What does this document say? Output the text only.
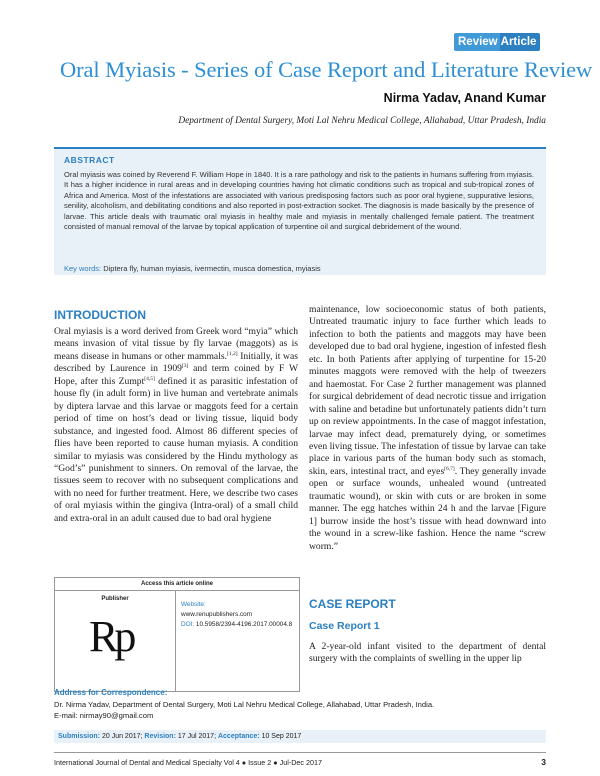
Review Article
Oral Myiasis - Series of Case Report and Literature Review
Nirma Yadav, Anand Kumar
Department of Dental Surgery, Moti Lal Nehru Medical College, Allahabad, Uttar Pradesh, India
ABSTRACT
Oral myiasis was coined by Reverend F. William Hope in 1840. It is a rare pathology and risk to the patients in humans suffering from myiasis. It has a higher incidence in rural areas and in developing countries having hot climatic conditions such as tropical and sub-tropical zones of Africa and America. Most of the infestations are associated with various predisposing factors such as poor oral hygiene, suppurative lesions, senility, alcoholism, and debilitating conditions and also reported in post-extraction socket. The diagnosis is made basically by the presence of larvae. This article deals with traumatic oral myiasis in healthy male and myiasis in mentally challenged female patient. The treatment consisted of manual removal of the larvae by topical application of turpentine oil and surgical debridement of the wound.
Key words: Diptera fly, human myiasis, ivermectin, musca domestica, myiasis
INTRODUCTION
Oral myiasis is a word derived from Greek word “myia” which means invasion of vital tissue by fly larvae (maggots) as is means disease in humans or other mammals.[1,2] Initially, it was described by Laurence in 1909[3] and term coined by F W Hope, after this Zumpt[4,5] defined it as parasitic infestation of house fly (in adult form) in live human and vertebrate animals by diptera larvae and this larvae or maggots feed for a certain period of time on host’s dead or living tissue, liquid body substance, and ingested food. Almost 86 different species of flies have been reported to cause human myiasis. A condition similar to myiasis was considered by the Hindu mythology as “God’s” punishment to sinners. On removal of the larvae, the tissues seem to recover with no subsequent complications and with no need for further treatment. Here, we describe two cases of oral myiasis within the gingiva (Intra-oral) of a small child and extra-oral in an adult caused due to bad oral hygiene
maintenance, low socioeconomic status of both patients, Untreated traumatic injury to face further which leads to infection to both the patients and maggots may have been developed due to bad oral hygiene, ingestion of infested flesh etc. In both Patients after applying of turpentine for 15-20 minutes maggots were removed with the help of tweezers and haemostat. For Case 2 further management was planned for surgical debridement of dead necrotic tissue and irrigation with saline and betadine but unfortunately patients didn’t turn up on review appointments. In the case of maggot infestation, larvae may infect dead, prematurely dying, or sometimes even living tissue. The infestation of tissue by larvae can take place in various parts of the human body such as stomach, skin, ears, intestinal tract, and eyes[6,7]. They generally invade open or surface wounds, unhealed wound (untreated traumatic wound), or skin with cuts or are broken in some manner. The egg hatches within 24 h and the larvae [Figure 1] burrow inside the host’s tissue with head downward into the wound in a screw-like fashion. Hence the name “screw worm.”
CASE REPORT
Case Report 1
A 2-year-old infant visited to the department of dental surgery with the complaints of swelling in the upper lip
Access this article online
Publisher
Rp
Website:
www.renupublishers.com
DOI: 10.5958/2394-4196.2017.00004.8
Address for Correspondence:
Dr. Nirma Yadav, Department of Dental Surgery, Moti Lal Nehru Medical College, Allahabad, Uttar Pradesh, India.
E-mail: nirmay90@gmail.com
Submission: 20 Jun 2017; Revision: 17 Jul 2017; Acceptance: 10 Sep 2017
International Journal of Dental and Medical Specialty Vol 4 ● Issue 2 ● Jul-Dec 2017	3
